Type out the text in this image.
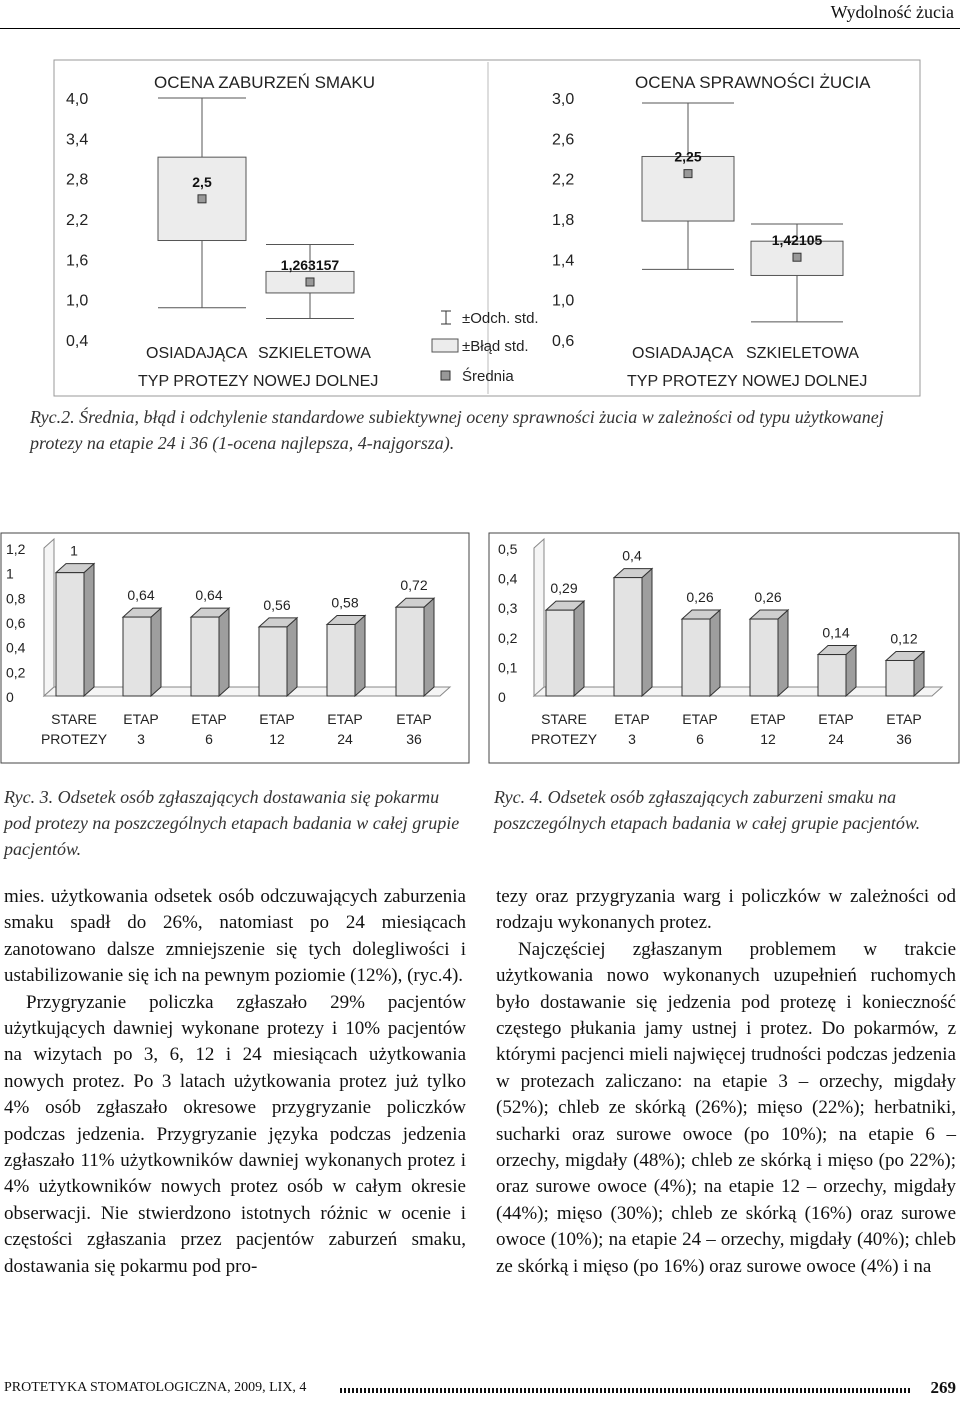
Wydolność żucia
OCENA ZABURZEŃ SMAKU	OCENA SPRAWNOŚCI ŻUCIA
4,0
3,4
2,8
2,2
1,6
1,0
0,4
2,5
1,263157
3,0
2,6
2,2
1,8
1,4
1,0
0,6
2,25
1,42105
±Odch. std.
±Błąd std.
Średnia
OSIADAJĄCA SZKIELETOWA
TYP PROTEZY NOWEJ DOLNEJ
OSIADAJĄCA SZKIELETOWA
TYP PROTEZY NOWEJ DOLNEJ
Ryc.2. Średnia, błąd i odchylenie standardowe subiektywnej oceny sprawności żucia w zależności od typu użytkowanej protezy na etapie 24 i 36 (1-ocena najlepsza, 4-najgorsza).
1,2
1
0,8
0,6
0,4
0,2
0
1
STARE
PROTEZY
0,64
ETAP
3
0,64
ETAP
6
0,56
ETAP
12
0,58
ETAP
24
0,72
ETAP
36
0,5
0,4
0,3
0,2
0,1
0
0,29
STARE
PROTEZY
0,4
ETAP
3
0,26
ETAP
6
0,26
ETAP
12
0,14
ETAP
24
0,12
ETAP
36
Ryc. 3. Odsetek osób zgłaszających dostawania się pokarmu pod protezy na poszczególnych etapach badania w całej grupie pacjentów.
Ryc. 4. Odsetek osób zgłaszających zaburzeni smaku na poszczególnych etapach badania w całej grupie pacjentów.

mies. użytkowania odsetek osób odczuwających zaburzenia smaku spadł do 26%, natomiast po 24 miesiącach zanotowano dalsze zmniejszenie się tych dolegliwości i ustabilizowanie się ich na pewnym poziomie (12%), (ryc.4).

Przygryzanie policzka zgłaszało 29% pacjentów użytkujących dawniej wykonane protezy i 10% pacjentów na wizytach po 3, 6, 12 i 24 miesiącach użytkowania nowych protez. Po 3 latach użytkowania protez już tylko 4% osób zgłaszało okresowe przygryzanie policzków podczas jedzenia. Przygryzanie języka podczas jedzenia zgłaszało 11% użytkowników dawniej wykonanych protez i 4% użytkowników nowych protez osób w całym okresie obserwacji. Nie stwierdzono istotnych różnic w ocenie i częstości zgłaszania przez pacjentów zaburzeń smaku, dostawania się pokarmu pod pro-

tezy oraz przygryzania warg i policzków w zależności od rodzaju wykonanych protez.

Najczęściej zgłaszanym problemem w trakcie użytkowania nowo wykonanych uzupełnień ruchomych było dostawanie się jedzenia pod protezę i konieczność częstego płukania jamy ustnej i protez. Do pokarmów, z którymi pacjenci mieli najwięcej trudności podczas jedzenia w protezach zaliczano: na etapie 3 – orzechy, migdały (52%); chleb ze skórką (26%); mięso (22%); herbatniki, sucharki oraz surowe owoce (po 10%); na etapie 6 – orzechy, migdały (48%); chleb ze skórką i mięso (po 22%); oraz surowe owoce (4%); na etapie 12 – orzechy, migdały (44%); mięso (30%); chleb ze skórką (16%) oraz surowe owoce (10%); na etapie 24 – orzechy, migdały (40%); chleb ze skórką i mięso (po 16%) oraz surowe owoce (4%) i na

PROTETYKA STOMATOLOGICZNA, 2009, LIX, 4	269
